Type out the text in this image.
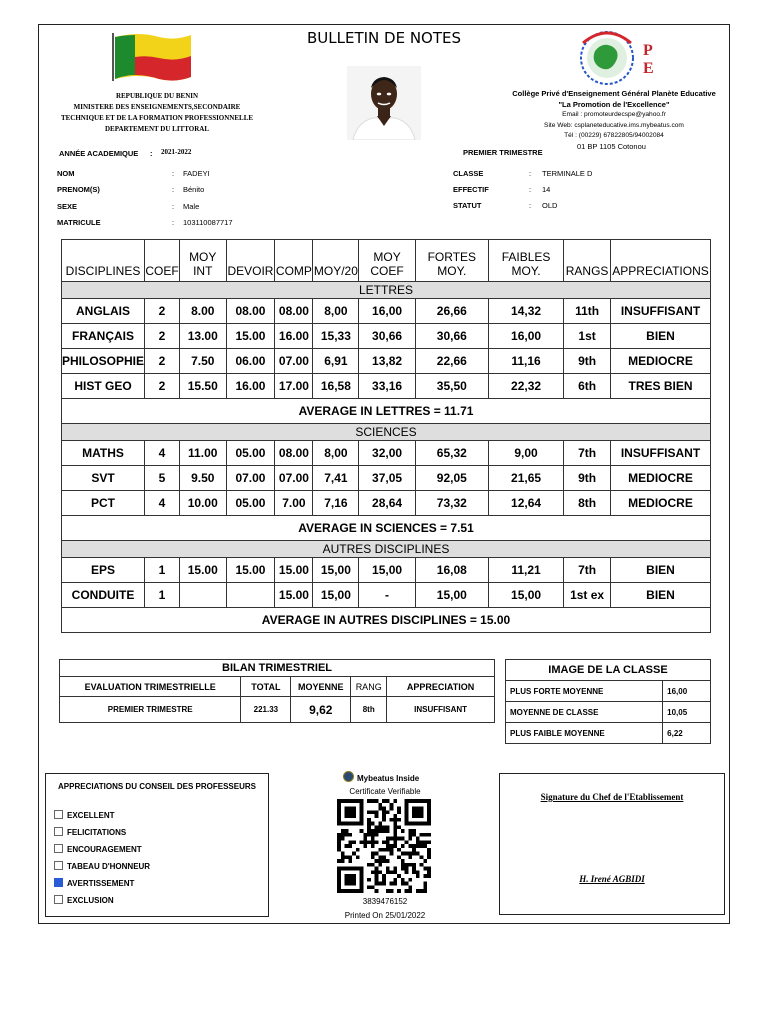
BULLETIN DE NOTES
REPUBLIQUE DU BENIN
MINISTERE DES ENSEIGNEMENTS,SECONDAIRE
TECHNIQUE ET DE LA FORMATION PROFESSIONNELLE
DEPARTEMENT DU LITTORAL
P
E
Collège Privé d'Enseignement Général Planète Educative
"La Promotion de l'Excellence"
Email : promoteurdecspe@yahoo.fr
Site Web: csplaneteducative.ims.mybeatus.com
Tél : (00229) 67822805/94002084
01 BP 1105 Cotonou
ANNÉE ACADEMIQUE : 2021-2022	PREMIER TRIMESTRE
NOM	: FADEYI
PRENOM(S)	: Bénito
SEXE	: Male
MATRICULE	: 103110087717
CLASSE	: TERMINALE D
EFFECTIF	: 14
STATUT	: OLD
DISCIPLINES	COEF	MOY INT	DEVOIR	COMP	MOY/20	MOY COEF	FORTES MOY.	FAIBLES MOY.	RANGS	APPRECIATIONS
LETTRES										
ANGLAIS	2	8.00	08.00	08.00	8,00	16,00	26,66	14,32	11th	INSUFFISANT
FRANÇAIS	2	13.00	15.00	16.00	15,33	30,66	30,66	16,00	1st	BIEN
PHILOSOPHIE	2	7.50	06.00	07.00	6,91	13,82	22,66	11,16	9th	MEDIOCRE
HIST GEO	2	15.50	16.00	17.00	16,58	33,16	35,50	22,32	6th	TRES BIEN
AVERAGE IN LETTRES = 11.71										
SCIENCES										
MATHS	4	11.00	05.00	08.00	8,00	32,00	65,32	9,00	7th	INSUFFISANT
SVT	5	9.50	07.00	07.00	7,41	37,05	92,05	21,65	9th	MEDIOCRE
PCT	4	10.00	05.00	7.00	7,16	28,64	73,32	12,64	8th	MEDIOCRE
AVERAGE IN SCIENCES = 7.51										
AUTRES DISCIPLINES										
EPS	1	15.00	15.00	15.00	15,00	15,00	16,08	11,21	7th	BIEN
CONDUITE	1			15.00	15,00	-	15,00	15,00	1st ex	BIEN
AVERAGE IN AUTRES DISCIPLINES = 15.00										
BILAN TRIMESTRIEL
EVALUATION TRIMESTRIELLE	TOTAL	MOYENNE	RANG	APPRECIATION
PREMIER TRIMESTRE	221.33	9,62	8th	INSUFFISANT
IMAGE DE LA CLASSE	
PLUS FORTE MOYENNE	16,00
MOYENNE DE CLASSE	10,05
PLUS FAIBLE MOYENNE	6,22
APPRECIATIONS DU CONSEIL DES PROFESSEURS
EXCELLENT
FELICITATIONS
ENCOURAGEMENT
TABEAU D'HONNEUR
AVERTISSEMENT
EXCLUSION
Mybeatus Inside
Certificate Verifiable
3839476152
Printed On 25/01/2022
Signature du Chef de l'Etablissement
H. Irené AGBIDI
